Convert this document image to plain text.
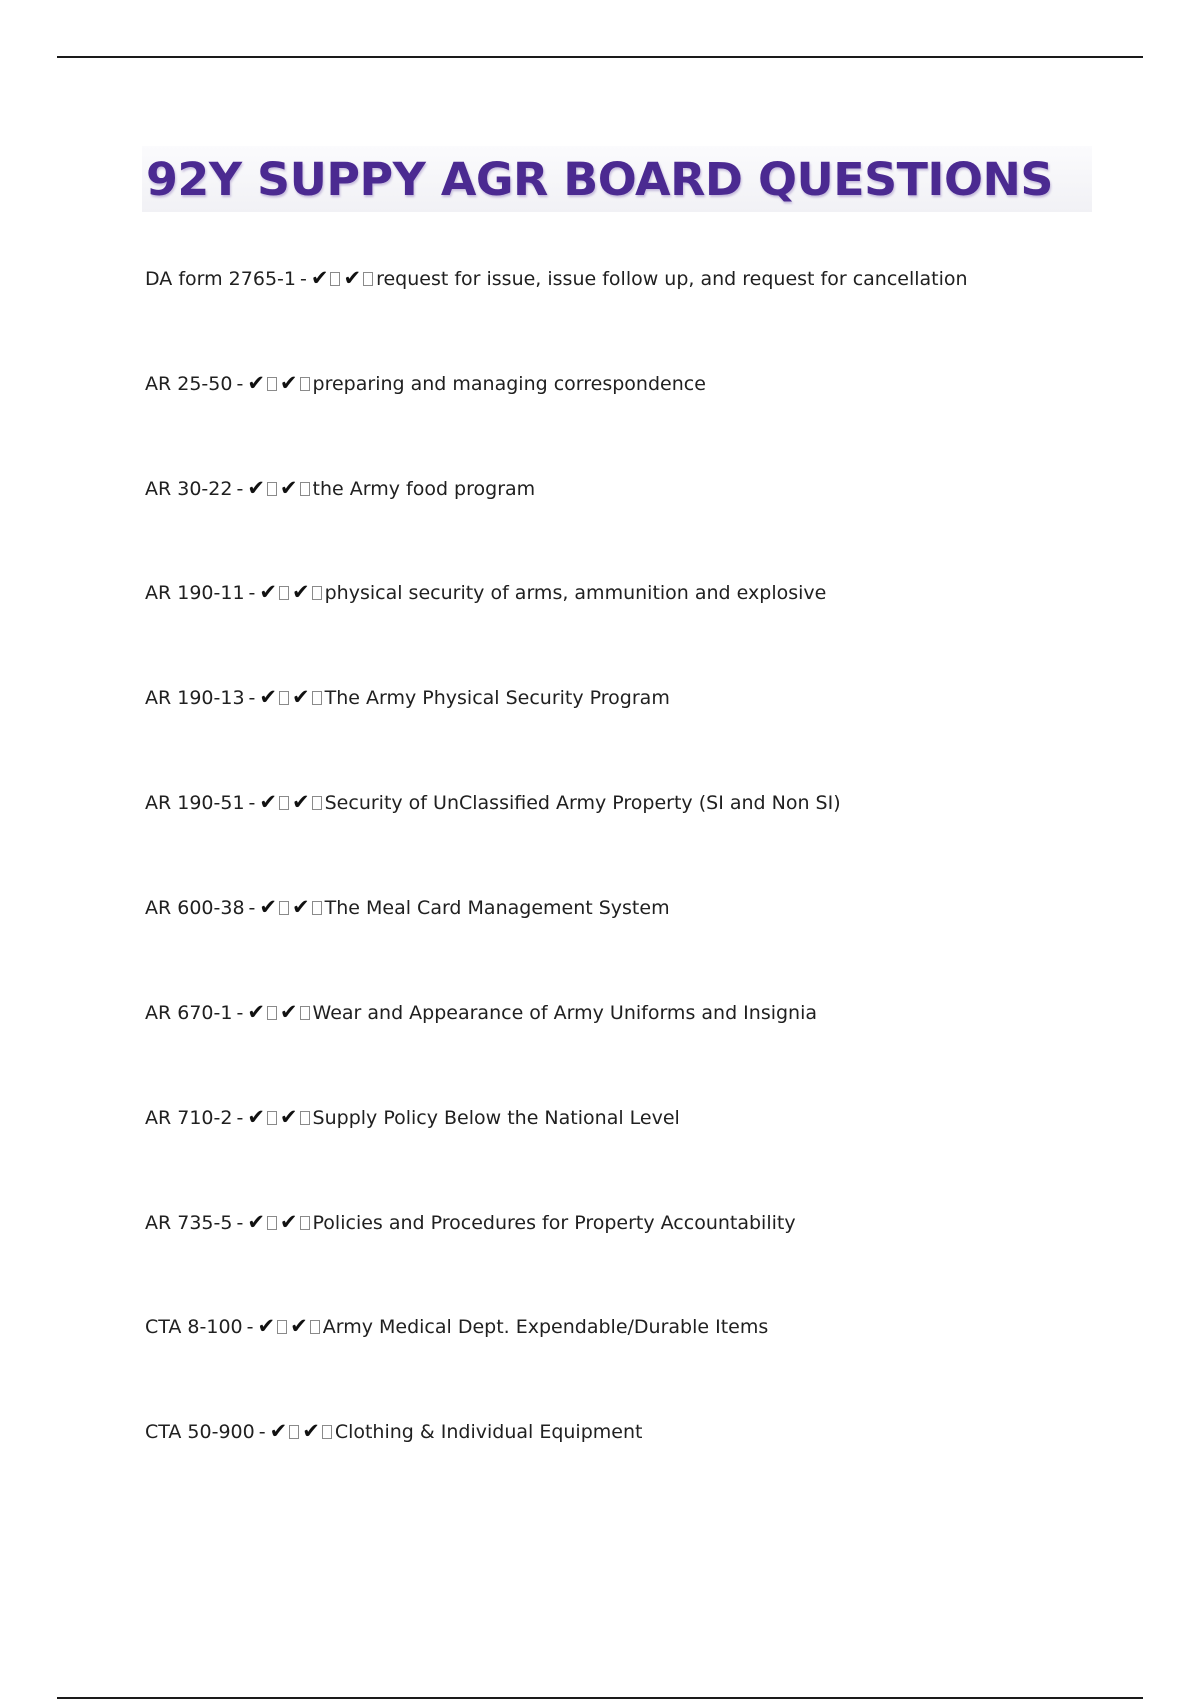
92Y SUPPY AGR BOARD QUESTIONS
DA form 2765-1 - ✔ ✔ request for issue, issue follow up, and request for cancellation
AR 25-50 - ✔ ✔ preparing and managing correspondence
AR 30-22 - ✔ ✔ the Army food program
AR 190-11 - ✔ ✔ physical security of arms, ammunition and explosive
AR 190-13 - ✔ ✔ The Army Physical Security Program
AR 190-51 - ✔ ✔ Security of UnClassified Army Property (SI and Non SI)
AR 600-38 - ✔ ✔ The Meal Card Management System
AR 670-1 - ✔ ✔ Wear and Appearance of Army Uniforms and Insignia
AR 710-2 - ✔ ✔ Supply Policy Below the National Level
AR 735-5 - ✔ ✔ Policies and Procedures for Property Accountability
CTA 8-100 - ✔ ✔ Army Medical Dept. Expendable/Durable Items
CTA 50-900 - ✔ ✔ Clothing & Individual Equipment
